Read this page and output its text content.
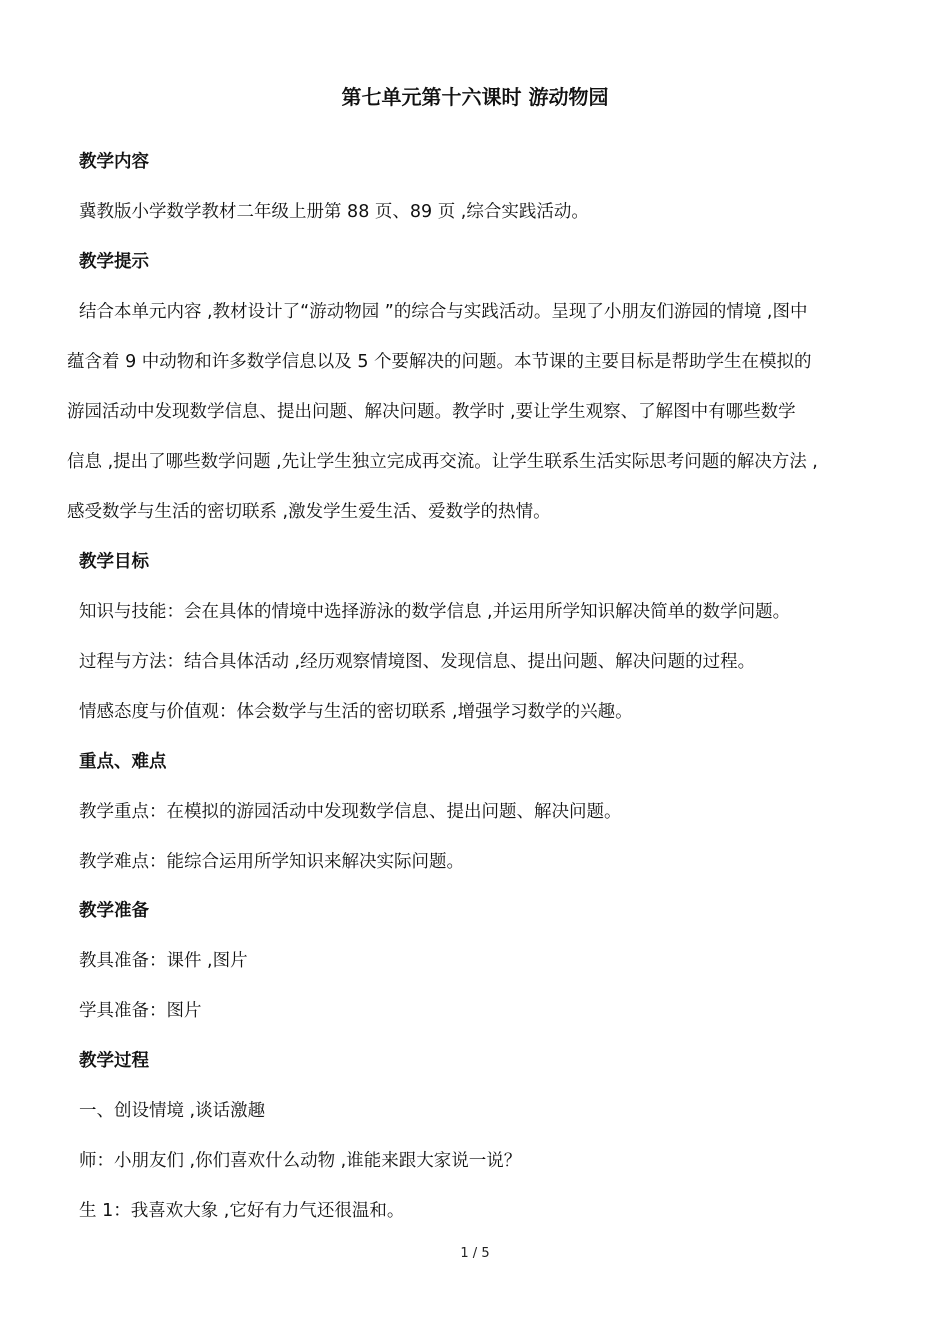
第七单元第十六课时 游动物园
教学内容
冀教版小学数学教材二年级上册第 88 页、89 页 ,综合实践活动。
教学提示
结合本单元内容 ,教材设计了“游动物园 ”的综合与实践活动。呈现了小朋友们游园的情境 ,图中
蕴含着 9 中动物和许多数学信息以及 5 个要解决的问题。本节课的主要目标是帮助学生在模拟的
游园活动中发现数学信息、提出问题、解决问题。教学时 ,要让学生观察、了解图中有哪些数学
信息 ,提出了哪些数学问题 ,先让学生独立完成再交流。让学生联系生活实际思考问题的解决方法 ,
感受数学与生活的密切联系 ,激发学生爱生活、爱数学的热情。
教学目标
知识与技能：会在具体的情境中选择游泳的数学信息 ,并运用所学知识解决简单的数学问题。
过程与方法：结合具体活动 ,经历观察情境图、发现信息、提出问题、解决问题的过程。
情感态度与价值观：体会数学与生活的密切联系 ,增强学习数学的兴趣。
重点、难点
教学重点：在模拟的游园活动中发现数学信息、提出问题、解决问题。
教学难点：能综合运用所学知识来解决实际问题。
教学准备
教具准备：课件 ,图片
学具准备：图片
教学过程
一、创设情境 ,谈话激趣
师：小朋友们 ,你们喜欢什么动物 ,谁能来跟大家说一说？
生 1：我喜欢大象 ,它好有力气还很温和。
1 / 5
